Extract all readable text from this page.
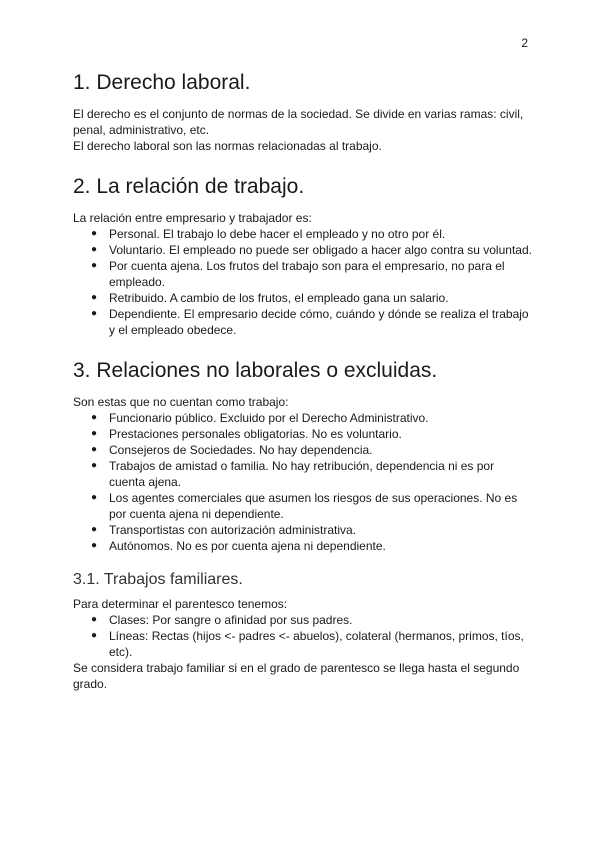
2
1. Derecho laboral.

El derecho es el conjunto de normas de la sociedad. Se divide en varias ramas: civil, penal, administrativo, etc.

El derecho laboral son las normas relacionadas al trabajo.

2. La relación de trabajo.

La relación entre empresario y trabajador es:

● Personal. El trabajo lo debe hacer el empleado y no otro por él.
● Voluntario. El empleado no puede ser obligado a hacer algo contra su voluntad.
● Por cuenta ajena. Los frutos del trabajo son para el empresario, no para el empleado.
● Retribuido. A cambio de los frutos, el empleado gana un salario.
● Dependiente. El empresario decide cómo, cuándo y dónde se realiza el trabajo y el empleado obedece.
3. Relaciones no laborales o excluidas.

Son estas que no cuentan como trabajo:

● Funcionario público. Excluido por el Derecho Administrativo.
● Prestaciones personales obligatorias. No es voluntario.
● Consejeros de Sociedades. No hay dependencia.
● Trabajos de amistad o familia. No hay retribución, dependencia ni es por cuenta ajena.
● Los agentes comerciales que asumen los riesgos de sus operaciones. No es por cuenta ajena ni dependiente.
● Transportistas con autorización administrativa.
● Autónomos. No es por cuenta ajena ni dependiente.
3.1. Trabajos familiares.

Para determinar el parentesco tenemos:

● Clases: Por sangre o afinidad por sus padres.
● Líneas: Rectas (hijos <- padres <- abuelos), colateral (hermanos, primos, tíos, etc).

Se considera trabajo familiar si en el grado de parentesco se llega hasta el segundo grado.
